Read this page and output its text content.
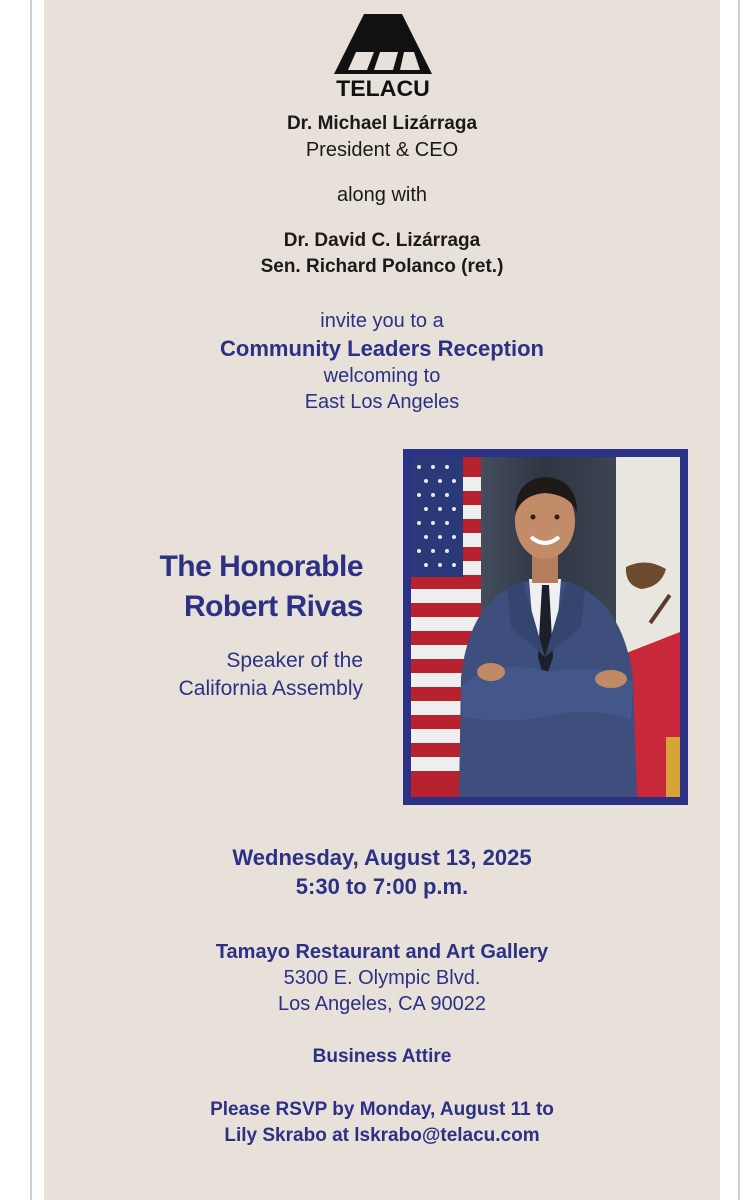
TELACU
Dr. Michael Lizárraga
President & CEO
along with
Dr. David C. Lizárraga
Sen. Richard Polanco (ret.)
invite you to a
Community Leaders Reception
welcoming to
East Los Angeles
The Honorable
Robert Rivas
Speaker of the
California Assembly
Wednesday, August 13, 2025
5:30 to 7:00 p.m.
Tamayo Restaurant and Art Gallery
5300 E. Olympic Blvd.
Los Angeles, CA 90022
Business Attire
Please RSVP by Monday, August 11 to
Lily Skrabo at lskrabo@telacu.com
